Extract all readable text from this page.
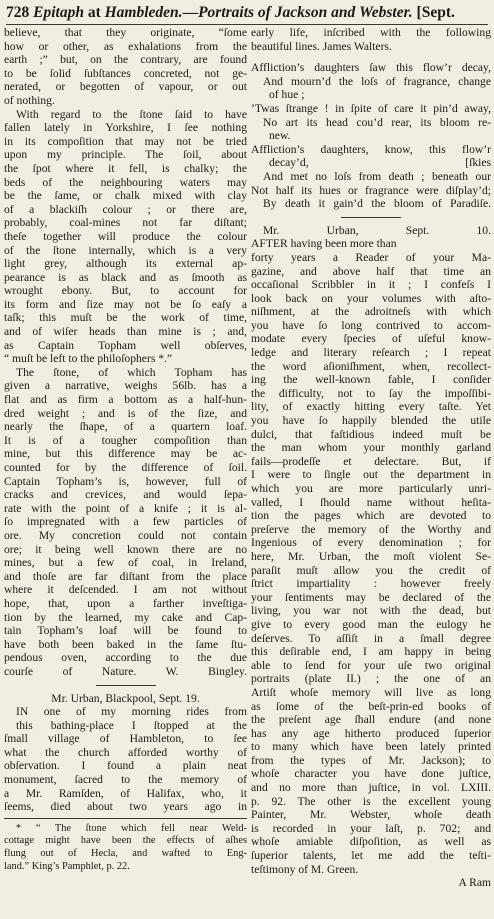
728 Epitaph at Hambleden.—Portraits of Jackson and Webster. [Sept.
believe, that they originate, “ſome
how or other, as exhalations from the
earth ;” but, on the contrary, are found
to be ſolid ſubſtances concreted, not ge-
nerated, or begotten of vapour, or out
of nothing.
With regard to the ſtone ſaid to have
fallen lately in Yorkshire, I ſee nothing
in its compoſition that may not be tried
upon my principle. The ſoil, about
the ſpot where it fell, is chalky; the
beds of the neighbouring waters may
be the ſame, or chalk mixed with clay
of a blackiſh colour ; or there are,
probably, coal-mines not far diſtant;
theſe together will produce the colour
of the ſtone internally, which is a very
light grey, although its external ap-
pearance is as black and as ſmooth as
wrought ebony. But, to account for
its form and ſize may not be ſo eaſy a
taſk; this muſt be the work of time,
and of wiſer heads than mine is ; and,
as Captain Topham well obſerves,
“ muſt be left to the philoſophers *.”
The ſtone, of which Topham has
given a narrative, weighs 56lb. has a
flat and as firm a bottom as a half-hun-
dred weight ; and is of the ſize, and
nearly the ſhape, of a quartern loaf.
It is of a tougher compoſition than
mine, but this difference may be ac-
counted for by the difference of ſoil.
Captain Topham’s is, however, full of
cracks and crevices, and would ſepa-
rate with the point of a knife ; it is al-
ſo impregnated with a few particles of
ore. My concretion could not contain
ore; it being well known there are no
mines, but a few of coal, in Ireland,
and thoſe are far diſtant from the place
where it deſcended. I am not without
hope, that, upon a farther inveſtiga-
tion by the learned, my cake and Cap-
tain Topham’s loaf will be found to
have both been baked in the ſame ſtu-
pendous oven, according to the due
courſe of Nature. W. Bingley.
Mr. Urban, Blackpool, Sept. 19.
IN one of my morning rides from
this bathing-place I ſtopped at the
ſmall village of Hambleton, to ſee
what the church afforded worthy of
obſervation. I found a plain neat
monument, ſacred to the memory of
a Mr. Ramſden, of Halifax, who, it
ſeems, died about two years ago in
* “ The ſtone which fell near Weld-
cottage might have been the effects of aſhes
flung out of Hecla, and wafted to Eng-
land.” King’s Pamphlet, p. 22.
early life, inſcribed with the following
beautiful lines. James Walters.
Affliction’s daughters ſaw this flow’r decay,
And mourn’d the loſs of fragrance, change
of hue ;
’Twas ſtrange ! in ſpite of care it pin’d away,
No art its head cou’d rear, its bloom re-
new.
Affliction’s daughters, know, this flow’r
decay’d, [ſkies
And met no loſs from death ; beneath our
Not half its hues or fragrance were diſplay’d;
By death it gain’d the bloom of Paradiſe.
Mr. Urban, Sept. 10.
AFTER having been more than
forty years a Reader of your Ma-
gazine, and above half that time an
occaſional Scribbler in it ; I confeſs I
look back on your volumes with aſto-
niſhment, at the adroitneſs with which
you have ſo long contrived to accom-
modate every ſpecies of uſeful know-
ledge and literary reſearch ; I repeat
the word aſioniſhment, when, recollect-
ing the well-known fable, I conſider
the difficulty, not to ſay the impoſſibi-
lity, of exactly hitting every taſte. Yet
you have ſo happily blended the utile
dulci, that faſtidious indeed muſt be
the man whom your monthly garland
fails—prodeſſe et delectare. But, if
I were to ſingle out the department in
which you are more particularly unri-
valled, I ſhould name without heſita-
tion the pages which are devoted to
preſerve the memory of the Worthy and
Ingenious of every denomination ; for
here, Mr. Urban, the moſt violent Se-
paraſit muſt allow you the credit of
ſtrict impartiality : however freely
your ſentiments may be declared of the
living, you war not with the dead, but
give to every good man the eulogy he
deſerves. To aſſiſt in a ſmall degree
this deſirable end, I am happy in being
able to ſend for your uſe two original
portraits (plate II.) ; the one of an
Artiſt whoſe memory will live as long
as ſome of the beſt-prin-ed books of
the preſent age ſhall endure (and none
has any age hitherto produced ſuperior
to many which have been lately printed
from the types of Mr. Jackson); to
whoſe character you have done juſtice,
and no more than juſtice, in vol. LXIII.
p. 92. The other is the excellent young
Painter, Mr. Webster, whoſe death
is recorded in your laſt, p. 702; and
whoſe amiable diſpoſition, as well as
ſuperior talents, let me add the teſti-
teſtimony of M. Green.
A Ram
